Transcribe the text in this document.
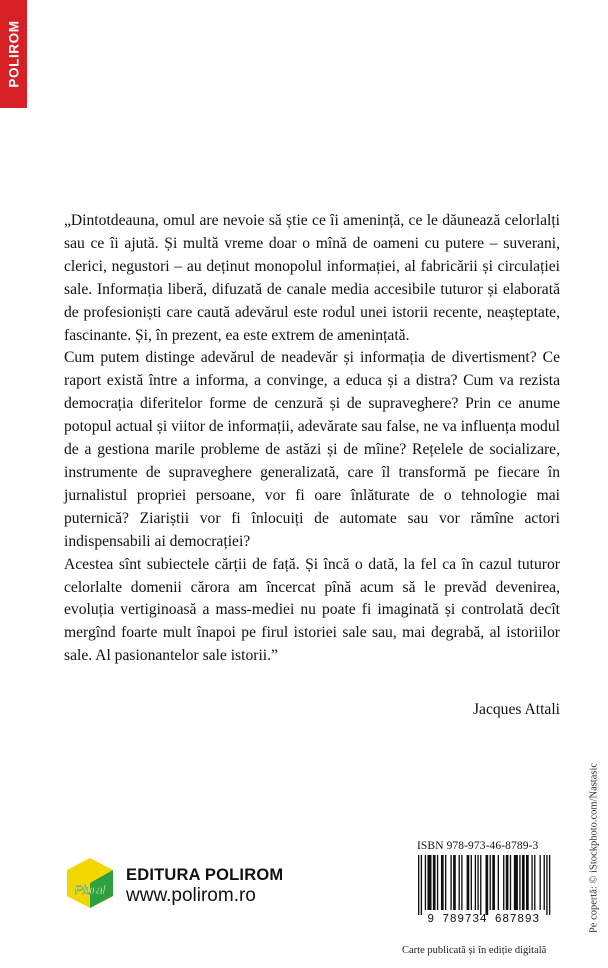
POLIROM

„Dintotdeauna, omul are nevoie să știe ce îi amenință, ce le dăunează celorlalți sau ce îi ajută. Și multă vreme doar o mînă de oameni cu putere – suverani, clerici, negustori – au deținut monopolul informației, al fabricării și circulației sale. Informația liberă, difuzată de canale media accesibile tuturor și elaborată de profesioniști care caută adevărul este rodul unei istorii recente, neașteptate, fascinante. Și, în prezent, ea este extrem de amenințată.

Cum putem distinge adevărul de neadevăr și informația de divertisment? Ce raport există între a informa, a convinge, a educa și a distra? Cum va rezista democrația diferitelor forme de cenzură și de supraveghere? Prin ce anume potopul actual și viitor de informații, adevărate sau false, ne va influența modul de a gestiona marile probleme de astăzi și de mîine? Rețelele de socializare, instrumente de supraveghere generalizată, care îl transformă pe fiecare în jurnalistul propriei persoane, vor fi oare înlăturate de o tehnologie mai puternică? Ziariștii vor fi înlocuiți de automate sau vor rămîne actori indispensabili ai democrației?

Acestea sînt subiectele cărții de față. Și încă o dată, la fel ca în cazul tuturor celorlalte domenii cărora am încercat pînă acum să le prevăd devenirea, evoluția vertiginoasă a mass-mediei nu poate fi imaginată și controlată decît mergînd foarte mult înapoi pe firul istoriei sale sau, mai degrabă, al istoriilor sale. Al pasionantelor sale istorii.”

Jacques Attali
Pe copertă: © iStockphoto.com/Nastasic
Plural
EDITURA POLIROM
www.polirom.ro
ISBN 978-973-46-8789-3
9 789734 687893
Carte publicată și în ediție digitală
